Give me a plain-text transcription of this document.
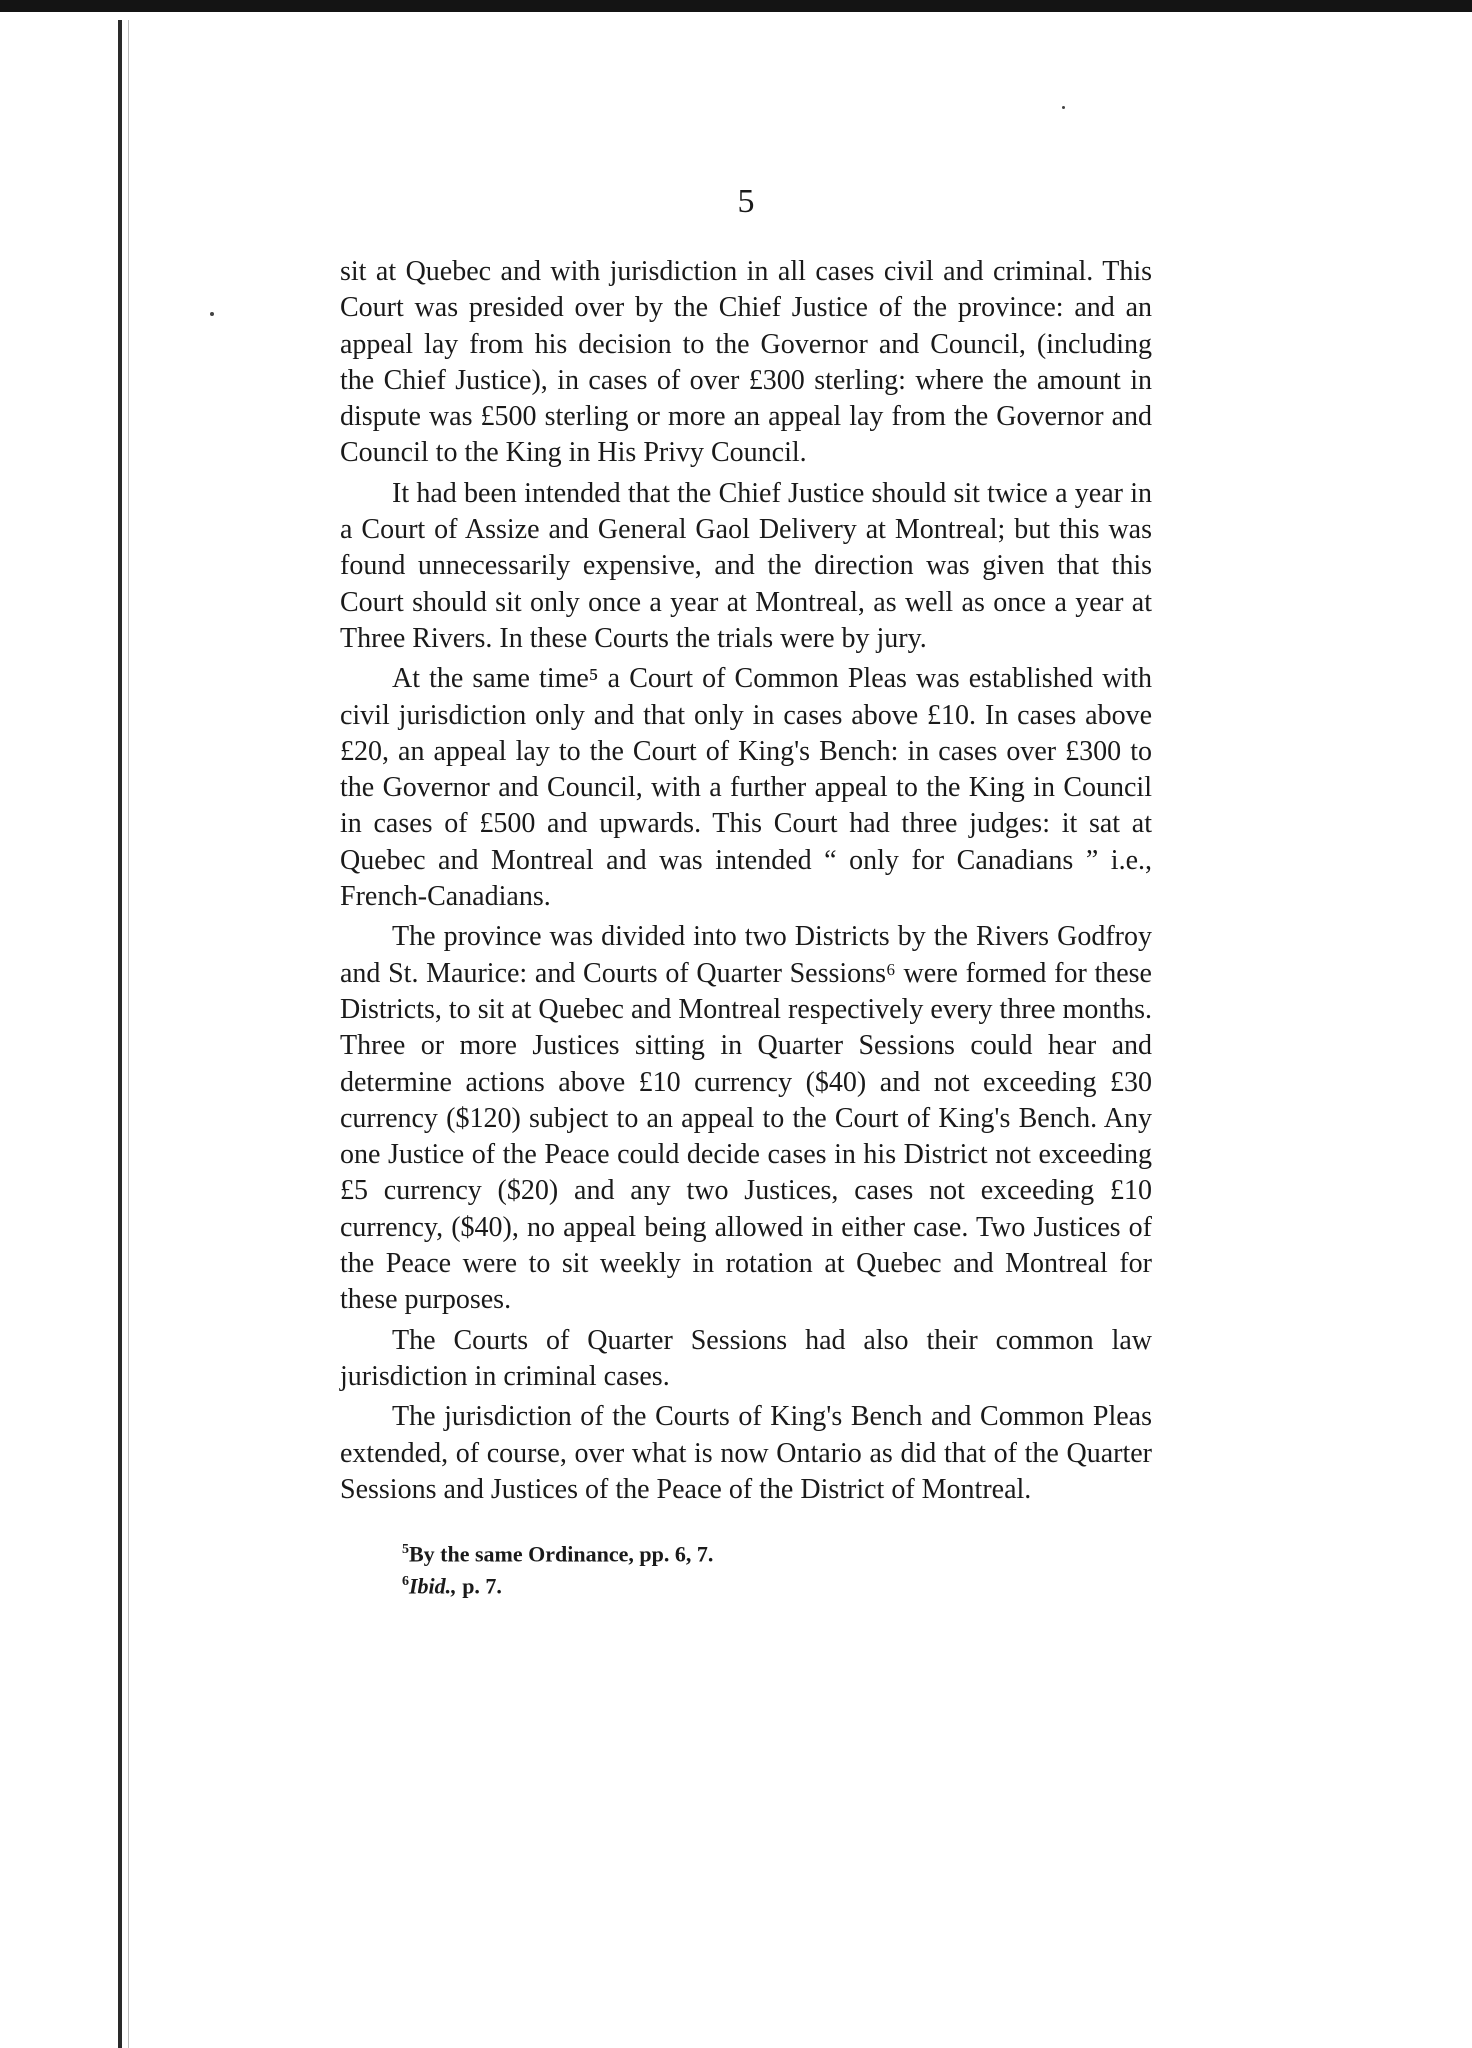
5

sit at Quebec and with jurisdiction in all cases civil and criminal. This Court was presided over by the Chief Justice of the province: and an appeal lay from his decision to the Governor and Council, (including the Chief Justice), in cases of over £300 sterling: where the amount in dispute was £500 sterling or more an appeal lay from the Governor and Council to the King in His Privy Council.

It had been intended that the Chief Justice should sit twice a year in a Court of Assize and General Gaol Delivery at Montreal; but this was found unnecessarily expensive, and the direction was given that this Court should sit only once a year at Montreal, as well as once a year at Three Rivers. In these Courts the trials were by jury.

At the same time⁵ a Court of Common Pleas was established with civil jurisdiction only and that only in cases above £10. In cases above £20, an appeal lay to the Court of King's Bench: in cases over £300 to the Governor and Council, with a further appeal to the King in Council in cases of £500 and upwards. This Court had three judges: it sat at Quebec and Montreal and was intended “ only for Canadians ” i.e., French-Canadians.

The province was divided into two Districts by the Rivers Godfroy and St. Maurice: and Courts of Quarter Sessions⁶ were formed for these Districts, to sit at Quebec and Montreal respectively every three months. Three or more Justices sitting in Quarter Sessions could hear and determine actions above £10 currency ($40) and not exceeding £30 currency ($120) subject to an appeal to the Court of King's Bench. Any one Justice of the Peace could decide cases in his District not exceeding £5 currency ($20) and any two Justices, cases not exceeding £10 currency, ($40), no appeal being allowed in either case. Two Justices of the Peace were to sit weekly in rotation at Quebec and Montreal for these purposes.

The Courts of Quarter Sessions had also their common law jurisdiction in criminal cases.

The jurisdiction of the Courts of King's Bench and Common Pleas extended, of course, over what is now Ontario as did that of the Quarter Sessions and Justices of the Peace of the District of Montreal.

$^5$By the same Ordinance, pp. 6, 7.
$^6$Ibid., p. 7.
